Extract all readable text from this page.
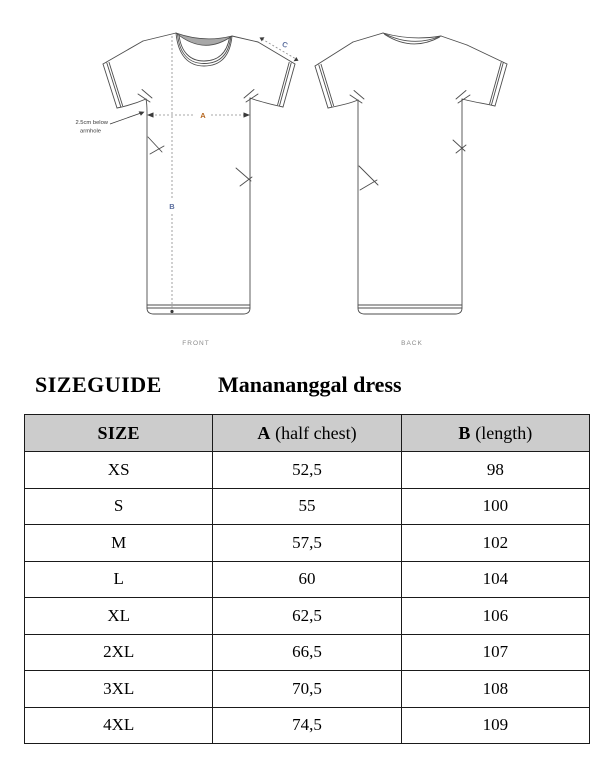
A
B
C
2.5cm below
armhole
FRONT	BACK
SIZEGUIDE	Manananggal dress
SIZE	A (half chest)	B (length)
XS	52,5	98
S	55	100
M	57,5	102
L	60	104
XL	62,5	106
2XL	66,5	107
3XL	70,5	108
4XL	74,5	109
